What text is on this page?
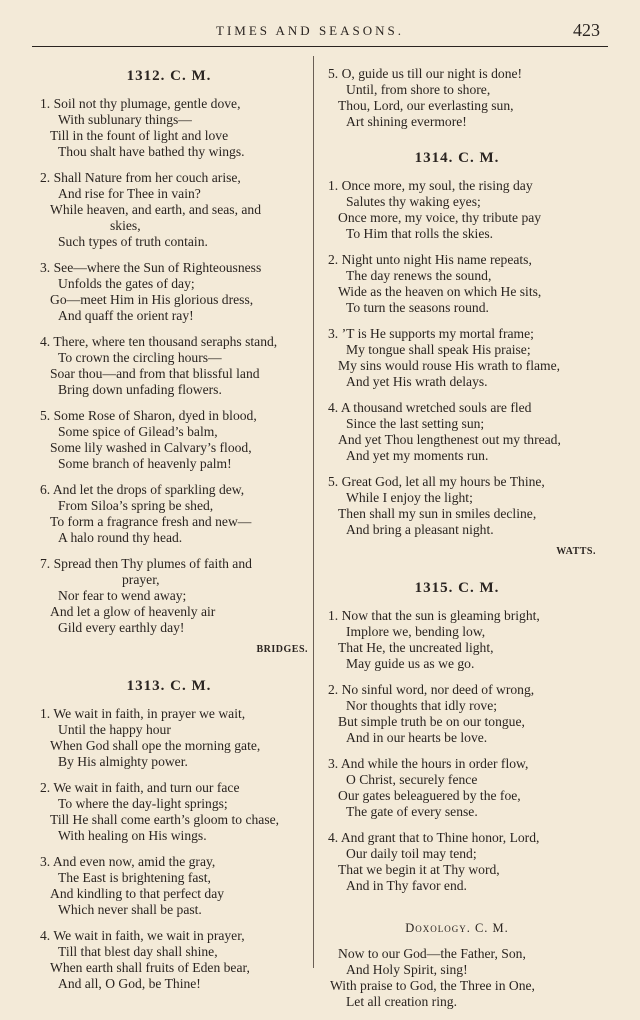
TIMES AND SEASONS.	423
1312. C. M.
1. Soil not thy plumage, gentle dove,
With sublunary things—
Till in the fount of light and love
Thou shalt have bathed thy wings.
2. Shall Nature from her couch arise,
And rise for Thee in vain?
While heaven, and earth, and seas, and
skies,
Such types of truth contain.
3. See—where the Sun of Righteousness
Unfolds the gates of day;
Go—meet Him in His glorious dress,
And quaff the orient ray!
4. There, where ten thousand seraphs stand,
To crown the circling hours—
Soar thou—and from that blissful land
Bring down unfading flowers.
5. Some Rose of Sharon, dyed in blood,
Some spice of Gilead’s balm,
Some lily washed in Calvary’s flood,
Some branch of heavenly palm!
6. And let the drops of sparkling dew,
From Siloa’s spring be shed,
To form a fragrance fresh and new—
A halo round thy head.
7. Spread then Thy plumes of faith and
prayer,
Nor fear to wend away;
And let a glow of heavenly air
Gild every earthly day!
BRIDGES.
1313. C. M.
1. We wait in faith, in prayer we wait,
Until the happy hour
When God shall ope the morning gate,
By His almighty power.
2. We wait in faith, and turn our face
To where the day-light springs;
Till He shall come earth’s gloom to chase,
With healing on His wings.
3. And even now, amid the gray,
The East is brightening fast,
And kindling to that perfect day
Which never shall be past.
4. We wait in faith, we wait in prayer,
Till that blest day shall shine,
When earth shall fruits of Eden bear,
And all, O God, be Thine!
5. O, guide us till our night is done!
Until, from shore to shore,
Thou, Lord, our everlasting sun,
Art shining evermore!
1314. C. M.
1. Once more, my soul, the rising day
Salutes thy waking eyes;
Once more, my voice, thy tribute pay
To Him that rolls the skies.
2. Night unto night His name repeats,
The day renews the sound,
Wide as the heaven on which He sits,
To turn the seasons round.
3. ’T is He supports my mortal frame;
My tongue shall speak His praise;
My sins would rouse His wrath to flame,
And yet His wrath delays.
4. A thousand wretched souls are fled
Since the last setting sun;
And yet Thou lengthenest out my thread,
And yet my moments run.
5. Great God, let all my hours be Thine,
While I enjoy the light;
Then shall my sun in smiles decline,
And bring a pleasant night.
WATTS.
1315. C. M.
1. Now that the sun is gleaming bright,
Implore we, bending low,
That He, the uncreated light,
May guide us as we go.
2. No sinful word, nor deed of wrong,
Nor thoughts that idly rove;
But simple truth be on our tongue,
And in our hearts be love.
3. And while the hours in order flow,
O Christ, securely fence
Our gates beleaguered by the foe,
The gate of every sense.
4. And grant that to Thine honor, Lord,
Our daily toil may tend;
That we begin it at Thy word,
And in Thy favor end.
Doxology. C. M.
Now to our God—the Father, Son,
And Holy Spirit, sing!
With praise to God, the Three in One,
Let all creation ring.
